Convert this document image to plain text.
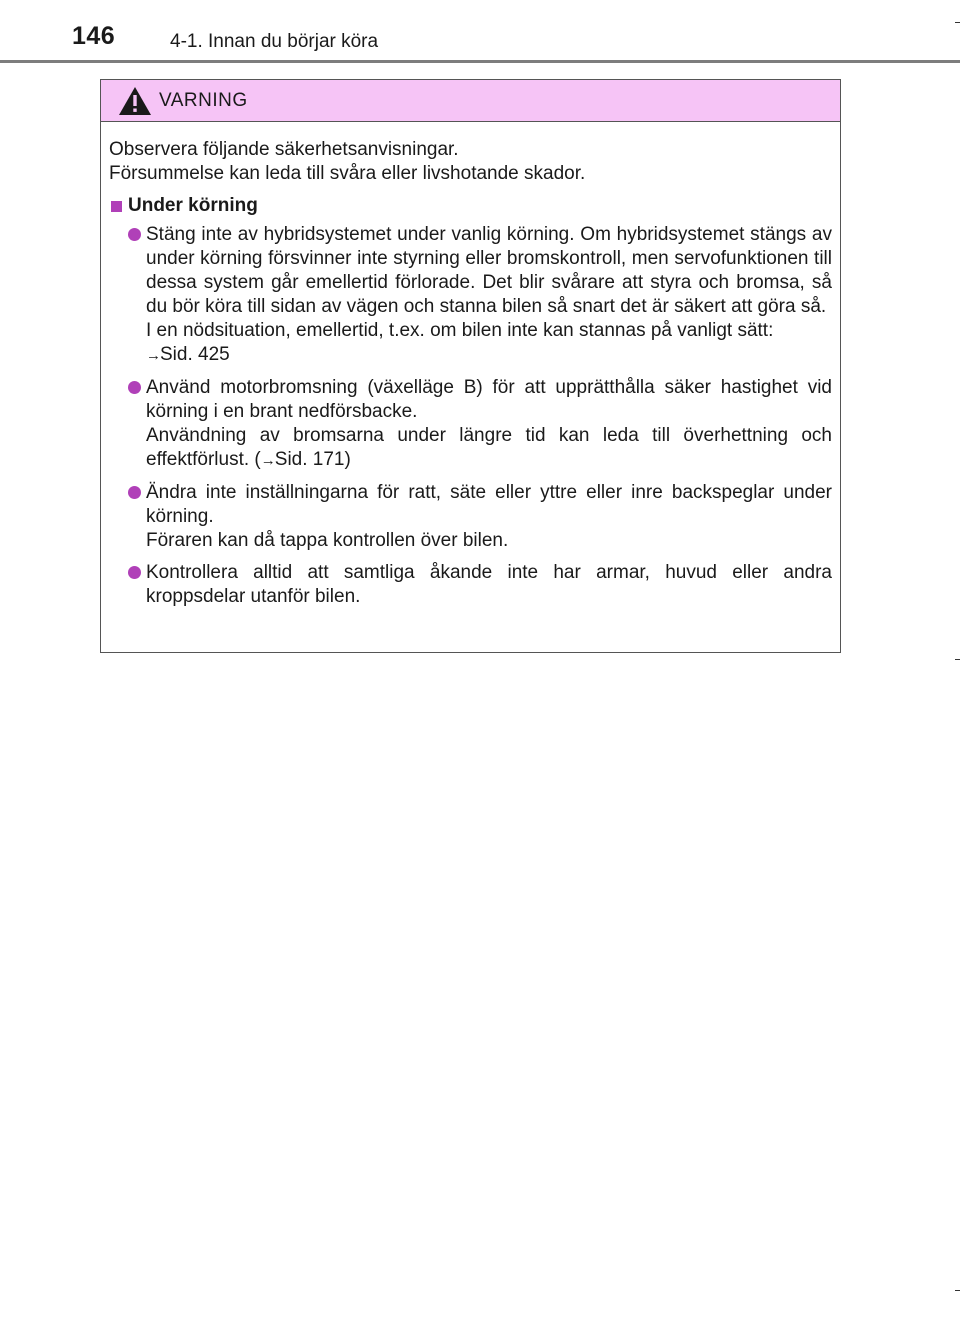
146	4-1. Innan du börjar köra
VARNING

Observera följande säkerhetsanvisningar.

Försummelse kan leda till svåra eller livshotande skador.

Under körning

Stäng inte av hybridsystemet under vanlig körning. Om hybridsystemet stängs av under körning försvinner inte styrning eller bromskontroll, men servofunktionen till dessa system går emellertid förlorade. Det blir svårare att styra och bromsa, så du bör köra till sidan av vägen och stanna bilen så snart det är säkert att göra så.

I en nödsituation, emellertid, t.ex. om bilen inte kan stannas på vanligt sätt:

→Sid. 425

Använd motorbromsning (växelläge B) för att upprätthålla säker hastighet vid körning i en brant nedförsbacke.

Användning av bromsarna under längre tid kan leda till överhettning och effektförlust. (→Sid. 171)

Ändra inte inställningarna för ratt, säte eller yttre eller inre backspeglar under körning.

Föraren kan då tappa kontrollen över bilen.

Kontrollera alltid att samtliga åkande inte har armar, huvud eller andra kroppsdelar utanför bilen.
